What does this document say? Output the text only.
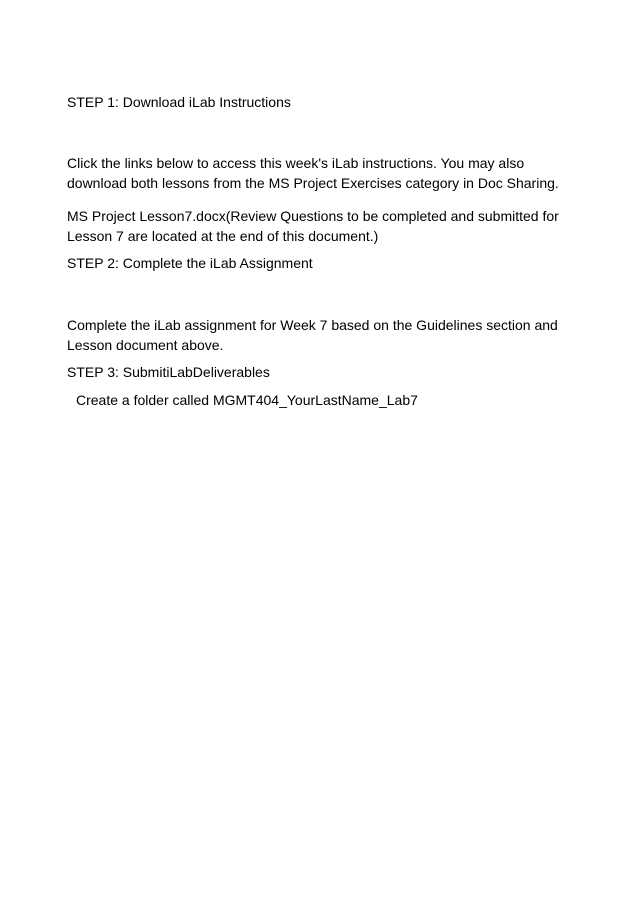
STEP 1: Download iLab Instructions

Click the links below to access this week's iLab instructions. You may also download both lessons from the MS Project Exercises category in Doc Sharing.

MS Project Lesson7.docx(Review Questions to be completed and submitted for Lesson 7 are located at the end of this document.)

STEP 2: Complete the iLab Assignment

Complete the iLab assignment for Week 7 based on the Guidelines section and Lesson document above.

STEP 3: SubmitiLabDeliverables

Create a folder called MGMT404_YourLastName_Lab7
